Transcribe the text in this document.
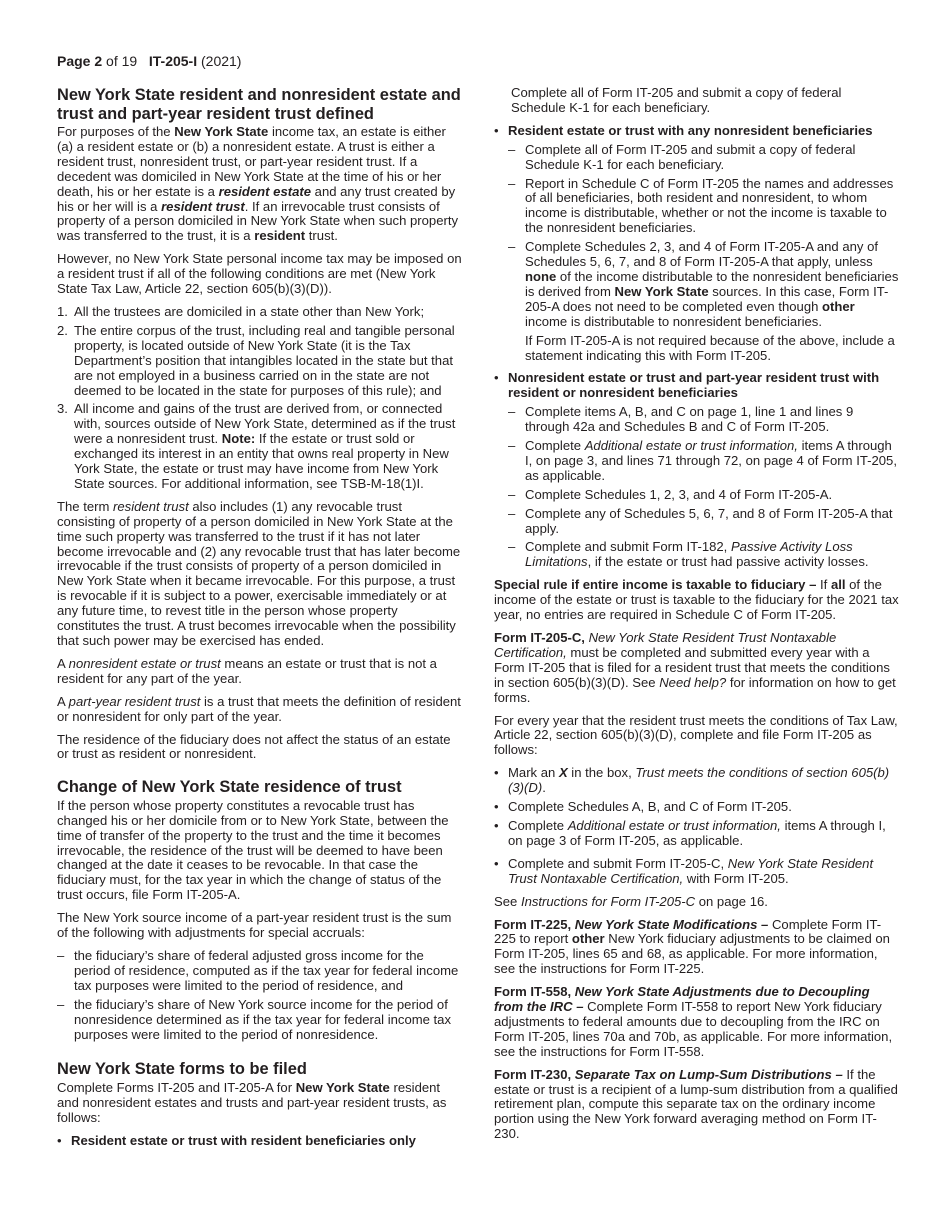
Page 2 of 19 IT-205-I (2021)
New York State resident and nonresident estate and trust and part-year resident trust defined

For purposes of the New York State income tax, an estate is either (a) a resident estate or (b) a nonresident estate. A trust is either a resident trust, nonresident trust, or part-year resident trust. If a decedent was domiciled in New York State at the time of his or her death, his or her estate is a resident estate and any trust created by his or her will is a resident trust. If an irrevocable trust consists of property of a person domiciled in New York State when such property was transferred to the trust, it is a resident trust.

However, no New York State personal income tax may be imposed on a resident trust if all of the following conditions are met (New York State Tax Law, Article 22, section 605(b)(3)(D)).

1. All the trustees are domiciled in a state other than New York;
2. The entire corpus of the trust, including real and tangible personal property, is located outside of New York State (it is the Tax Department’s position that intangibles located in the state but that are not employed in a business carried on in the state are not deemed to be located in the state for purposes of this rule); and
3. All income and gains of the trust are derived from, or connected with, sources outside of New York State, determined as if the trust were a nonresident trust. Note: If the estate or trust sold or exchanged its interest in an entity that owns real property in New York State, the estate or trust may have income from New York State sources. For additional information, see TSB-M-18(1)I.

The term resident trust also includes (1) any revocable trust consisting of property of a person domiciled in New York State at the time such property was transferred to the trust if it has not later become irrevocable and (2) any revocable trust that has later become irrevocable if the trust consists of property of a person domiciled in New York State when it became irrevocable. For this purpose, a trust is revocable if it is subject to a power, exercisable immediately or at any future time, to revest title in the person whose property constitutes the trust. A trust becomes irrevocable when the possibility that such power may be exercised has ended.

A nonresident estate or trust means an estate or trust that is not a resident for any part of the year.

A part-year resident trust is a trust that meets the definition of resident or nonresident for only part of the year.

The residence of the fiduciary does not affect the status of an estate or trust as resident or nonresident.

Change of New York State residence of trust

If the person whose property constitutes a revocable trust has changed his or her domicile from or to New York State, between the time of transfer of the property to the trust and the time it becomes irrevocable, the residence of the trust will be deemed to have been changed at the date it ceases to be revocable. In that case the fiduciary must, for the tax year in which the change of status of the trust occurs, file Form IT-205-A.

The New York source income of a part-year resident trust is the sum of the following with adjustments for special accruals:

– the fiduciary’s share of federal adjusted gross income for the period of residence, computed as if the tax year for federal income tax purposes were limited to the period of residence, and
– the fiduciary’s share of New York source income for the period of nonresidence determined as if the tax year for federal income tax purposes were limited to the period of nonresidence.
New York State forms to be filed

Complete Forms IT-205 and IT-205-A for New York State resident and nonresident estates and trusts and part-year resident trusts, as follows:

• Resident estate or trust with resident beneficiaries only

Complete all of Form IT-205 and submit a copy of federal Schedule K-1 for each beneficiary.

• Resident estate or trust with any nonresident beneficiaries
– Complete all of Form IT-205 and submit a copy of federal Schedule K-1 for each beneficiary.
– Report in Schedule C of Form IT-205 the names and addresses of all beneficiaries, both resident and nonresident, to whom income is distributable, whether or not the income is taxable to the nonresident beneficiaries.
– Complete Schedules 2, 3, and 4 of Form IT-205-A and any of Schedules 5, 6, 7, and 8 of Form IT-205-A that apply, unless none of the income distributable to the nonresident beneficiaries is derived from New York State sources. In this case, Form IT-205-A does not need to be completed even though other income is distributable to nonresident beneficiaries.

If Form IT-205-A is not required because of the above, include a statement indicating this with Form IT-205.

• Nonresident estate or trust and part-year resident trust with resident or nonresident beneficiaries
– Complete items A, B, and C on page 1, line 1 and lines 9 through 42a and Schedules B and C of Form IT-205.
– Complete Additional estate or trust information, items A through I, on page 3, and lines 71 through 72, on page 4 of Form IT-205, as applicable.
– Complete Schedules 1, 2, 3, and 4 of Form IT-205-A.
– Complete any of Schedules 5, 6, 7, and 8 of Form IT-205-A that apply.
– Complete and submit Form IT-182, Passive Activity Loss Limitations, if the estate or trust had passive activity losses.

Special rule if entire income is taxable to fiduciary – If all of the income of the estate or trust is taxable to the fiduciary for the 2021 tax year, no entries are required in Schedule C of Form IT-205.

Form IT-205-C, New York State Resident Trust Nontaxable Certification, must be completed and submitted every year with a Form IT-205 that is filed for a resident trust that meets the conditions in section 605(b)(3)(D). See Need help? for information on how to get forms.

For every year that the resident trust meets the conditions of Tax Law, Article 22, section 605(b)(3)(D), complete and file Form IT-205 as follows:

• Mark an X in the box, Trust meets the conditions of section 605(b)(3)(D).
• Complete Schedules A, B, and C of Form IT-205.
• Complete Additional estate or trust information, items A through I, on page 3 of Form IT-205, as applicable.
• Complete and submit Form IT-205-C, New York State Resident Trust Nontaxable Certification, with Form IT-205.

See Instructions for Form IT-205-C on page 16.

Form IT-225, New York State Modifications – Complete Form IT-225 to report other New York fiduciary adjustments to be claimed on Form IT-205, lines 65 and 68, as applicable. For more information, see the instructions for Form IT-225.

Form IT-558, New York State Adjustments due to Decoupling from the IRC – Complete Form IT-558 to report New York fiduciary adjustments to federal amounts due to decoupling from the IRC on Form IT-205, lines 70a and 70b, as applicable. For more information, see the instructions for Form IT-558.

Form IT-230, Separate Tax on Lump-Sum Distributions – If the estate or trust is a recipient of a lump-sum distribution from a qualified retirement plan, compute this separate tax on the ordinary income portion using the New York forward averaging method on Form IT-230.
